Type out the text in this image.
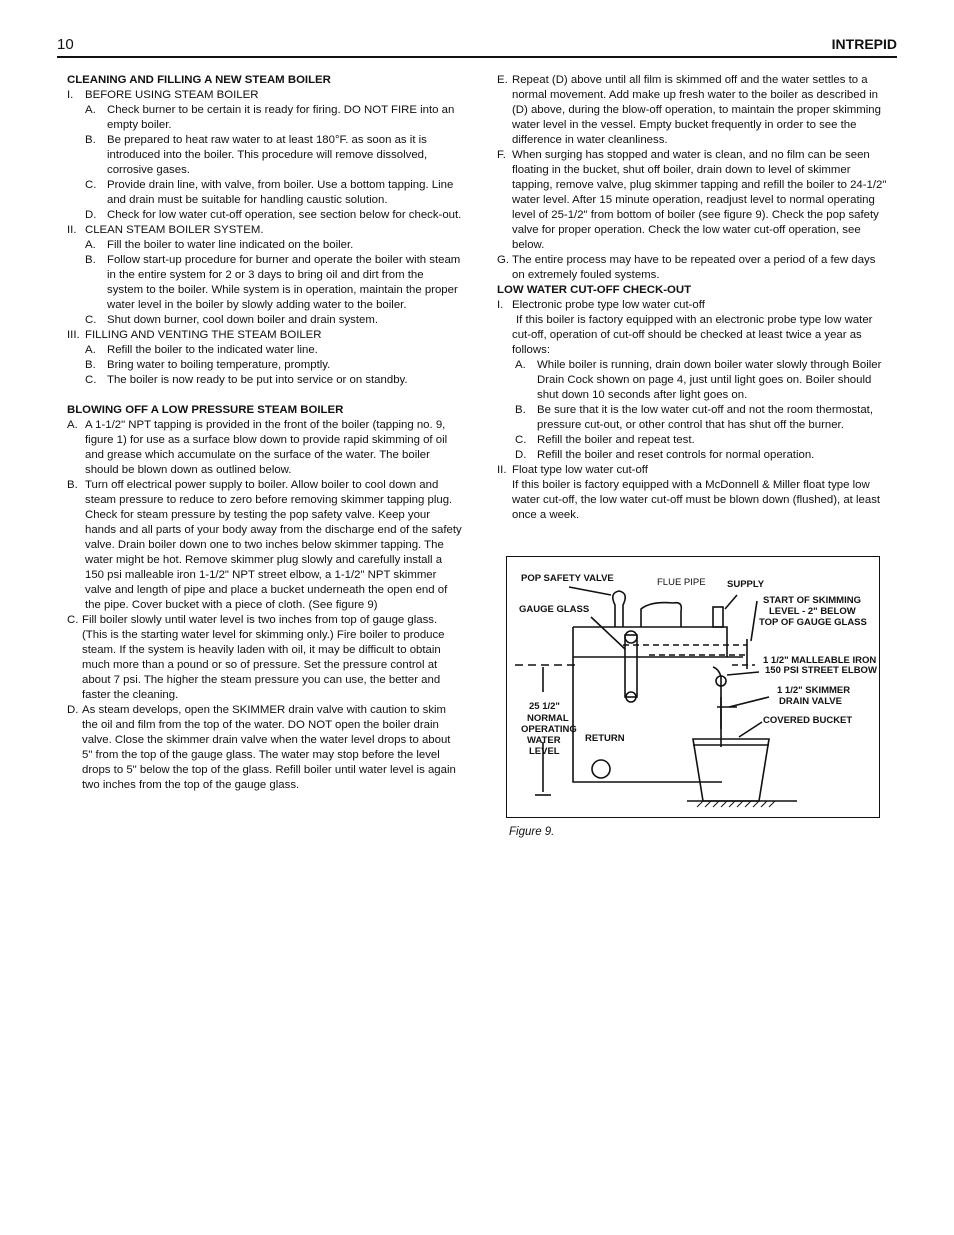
10	INTREPID
CLEANING AND FILLING A NEW STEAM BOILER
I. BEFORE USING STEAM BOILER
A. Check burner to be certain it is ready for firing. DO NOT FIRE into an empty boiler.
B. Be prepared to heat raw water to at least 180°F. as soon as it is introduced into the boiler. This procedure will remove dissolved, corrosive gases.
C. Provide drain line, with valve, from boiler. Use a bottom tapping. Line and drain must be suitable for handling caustic solution.
D. Check for low water cut-off operation, see section below for check-out.
II. CLEAN STEAM BOILER SYSTEM.
A. Fill the boiler to water line indicated on the boiler.
B. Follow start-up procedure for burner and operate the boiler with steam in the entire system for 2 or 3 days to bring oil and dirt from the system to the boiler. While system is in operation, maintain the proper water level in the boiler by slowly adding water to the boiler.
C. Shut down burner, cool down boiler and drain system.
III. FILLING AND VENTING THE STEAM BOILER
A. Refill the boiler to the indicated water line.
B. Bring water to boiling temperature, promptly.
C. The boiler is now ready to be put into service or on standby.
BLOWING OFF A LOW PRESSURE STEAM BOILER
A. A 1-1/2" NPT tapping is provided in the front of the boiler (tapping no. 9, figure 1) for use as a surface blow down to provide rapid skimming of oil and grease which accumulate on the surface of the water. The boiler should be blown down as outlined below.
B. Turn off electrical power supply to boiler. Allow boiler to cool down and steam pressure to reduce to zero before removing skimmer tapping plug. Check for steam pressure by testing the pop safety valve. Keep your hands and all parts of your body away from the discharge end of the safety valve. Drain boiler down one to two inches below skimmer tapping. The water might be hot. Remove skimmer plug slowly and carefully install a 150 psi malleable iron 1-1/2" NPT street elbow, a 1-1/2" NPT skimmer valve and length of pipe and place a bucket underneath the open end of the pipe. Cover bucket with a piece of cloth. (See figure 9)
C. Fill boiler slowly until water level is two inches from top of gauge glass. (This is the starting water level for skimming only.) Fire boiler to produce steam. If the system is heavily laden with oil, it may be difficult to obtain much more than a pound or so of pressure. Set the pressure control at about 7 psi. The higher the steam pressure you can use, the better and faster the cleaning.
D. As steam develops, open the SKIMMER drain valve with caution to skim the oil and film from the top of the water. DO NOT open the boiler drain valve. Close the skimmer drain valve when the water level drops to about 5" from the top of the gauge glass. The water may stop before the level drops to 5" below the top of the glass. Refill boiler until water level is again two inches from the top of the gauge glass.
E. Repeat (D) above until all film is skimmed off and the water settles to a normal movement. Add make up fresh water to the boiler as described in (D) above, during the blow-off operation, to maintain the proper skimming water level in the vessel. Empty bucket frequently in order to see the difference in water cleanliness.
F. When surging has stopped and water is clean, and no film can be seen floating in the bucket, shut off boiler, drain down to level of skimmer tapping, remove valve, plug skimmer tapping and refill the boiler to 24-1/2" water level. After 15 minute operation, readjust level to normal operating level of 25-1/2" from bottom of boiler (see figure 9). Check the pop safety valve for proper operation. Check the low water cut-off operation, see below.
G. The entire process may have to be repeated over a period of a few days on extremely fouled systems.
LOW WATER CUT-OFF CHECK-OUT
I. Electronic probe type low water cut-off
If this boiler is factory equipped with an electronic probe type low water cut-off, operation of cut-off should be checked at least twice a year as follows:
A. While boiler is running, drain down boiler water slowly through Boiler Drain Cock shown on page 4, just until light goes on. Boiler should shut down 10 seconds after light goes on.
B. Be sure that it is the low water cut-off and not the room thermostat, pressure cut-out, or other control that has shut off the burner.
C. Refill the boiler and repeat test.
D. Refill the boiler and reset controls for normal operation.
II. Float type low water cut-off
If this boiler is factory equipped with a McDonnell & Miller float type low water cut-off, the low water cut-off must be blown down (flushed), at least once a week.
POP SAFETY VALVE	FLUE PIPE SUPPLY
GAUGE GLASS
START OF SKIMMING
LEVEL - 2" BELOW
TOP OF GAUGE GLASS
1 1/2" MALLEABLE IRON
150 PSI STREET ELBOW
1 1/2" SKIMMER
DRAIN VALVE
COVERED BUCKET
25 1/2"
NORMAL
OPERATING
WATER
LEVEL
RETURN
Figure 9.
